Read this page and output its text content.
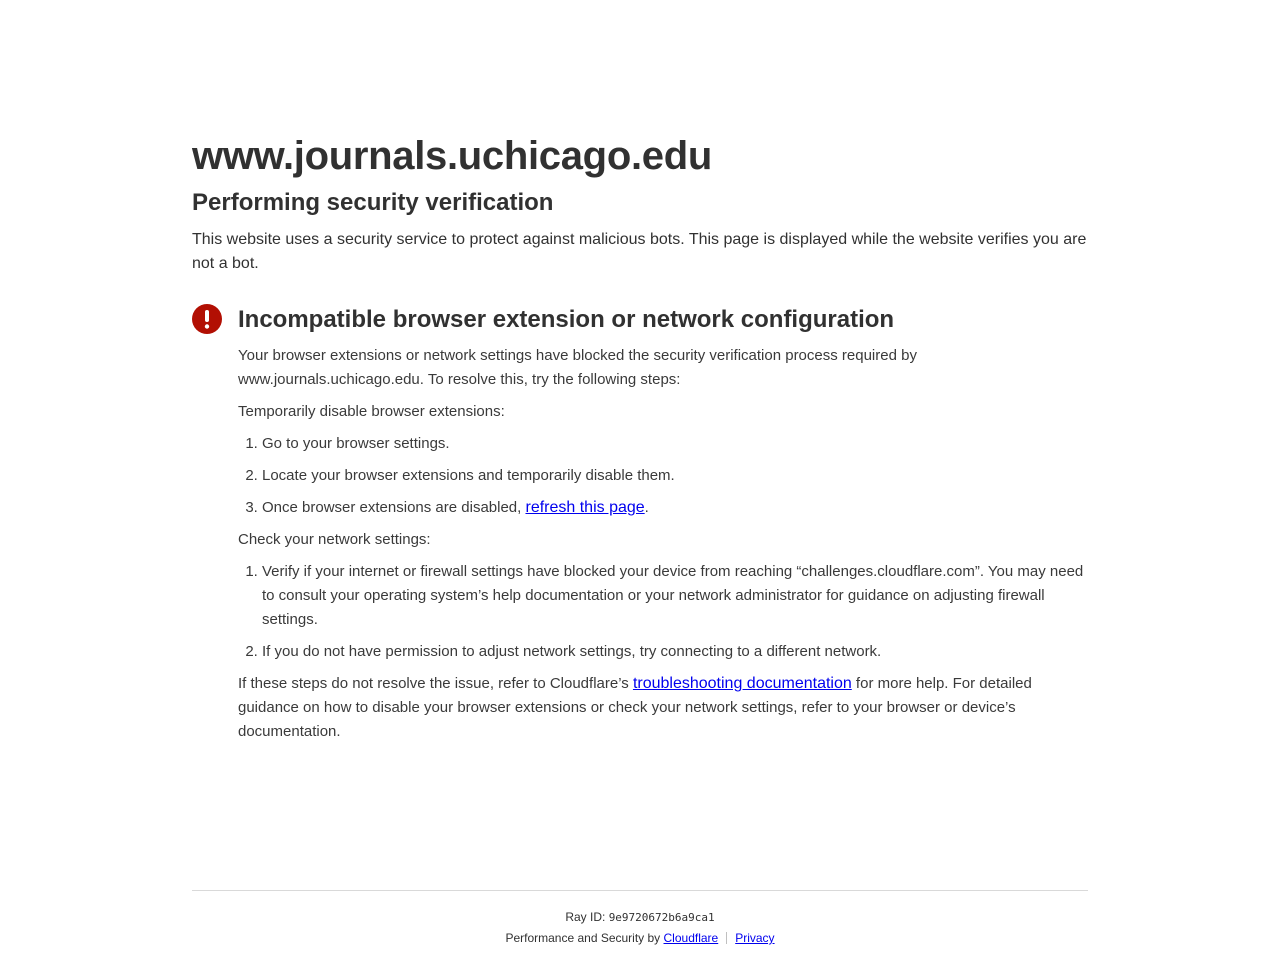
www.journals.uchicago.edu
Performing security verification

This website uses a security service to protect against malicious bots. This page is displayed while the website verifies you are not a bot.

Incompatible browser extension or network configuration

Your browser extensions or network settings have blocked the security verification process required by www.journals.uchicago.edu. To resolve this, try the following steps:

Temporarily disable browser extensions:

1. Go to your browser settings.
2. Locate your browser extensions and temporarily disable them.
3. Once browser extensions are disabled, refresh this page.

Check your network settings:

1. Verify if your internet or firewall settings have blocked your device from reaching “challenges.cloudflare.com”. You may need to consult your operating system’s help documentation or your network administrator for guidance on adjusting firewall settings.
2. If you do not have permission to adjust network settings, try connecting to a different network.

If these steps do not resolve the issue, refer to Cloudflare’s troubleshooting documentation for more help. For detailed guidance on how to disable your browser extensions or check your network settings, refer to your browser or device’s documentation.

Ray ID: 9e9720672b6a9ca1
Performance and Security by Cloudflare Privacy
